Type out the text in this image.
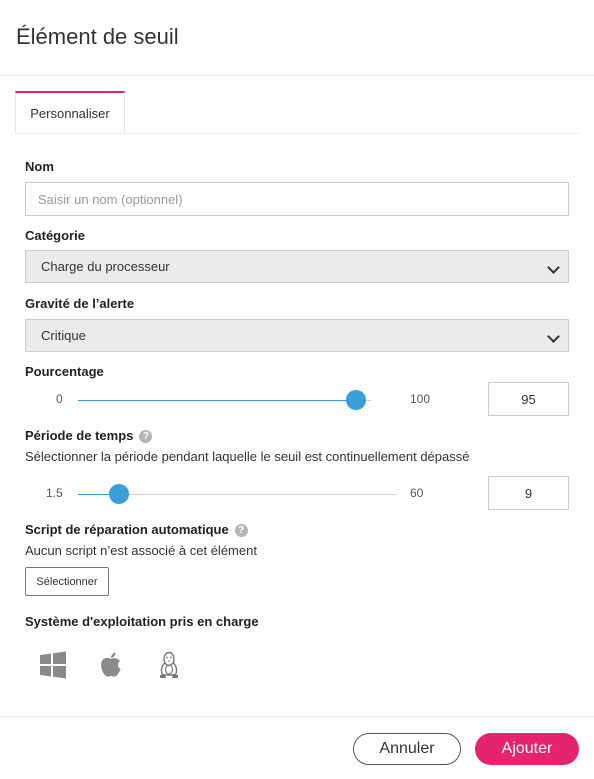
Élément de seuil
Personnaliser
Nom
Saisir un nom (optionnel)
Catégorie
Charge du processeur
Gravité de l’alerte
Critique
Pourcentage
0	100	95
Période de temps ?
Sélectionner la période pendant laquelle le seuil est continuellement dépassé
1.5	60	9
Script de réparation automatique ?
Aucun script n’est associé à cet élément
Sélectionner
Système d'exploitation pris en charge
Annuler	Ajouter
